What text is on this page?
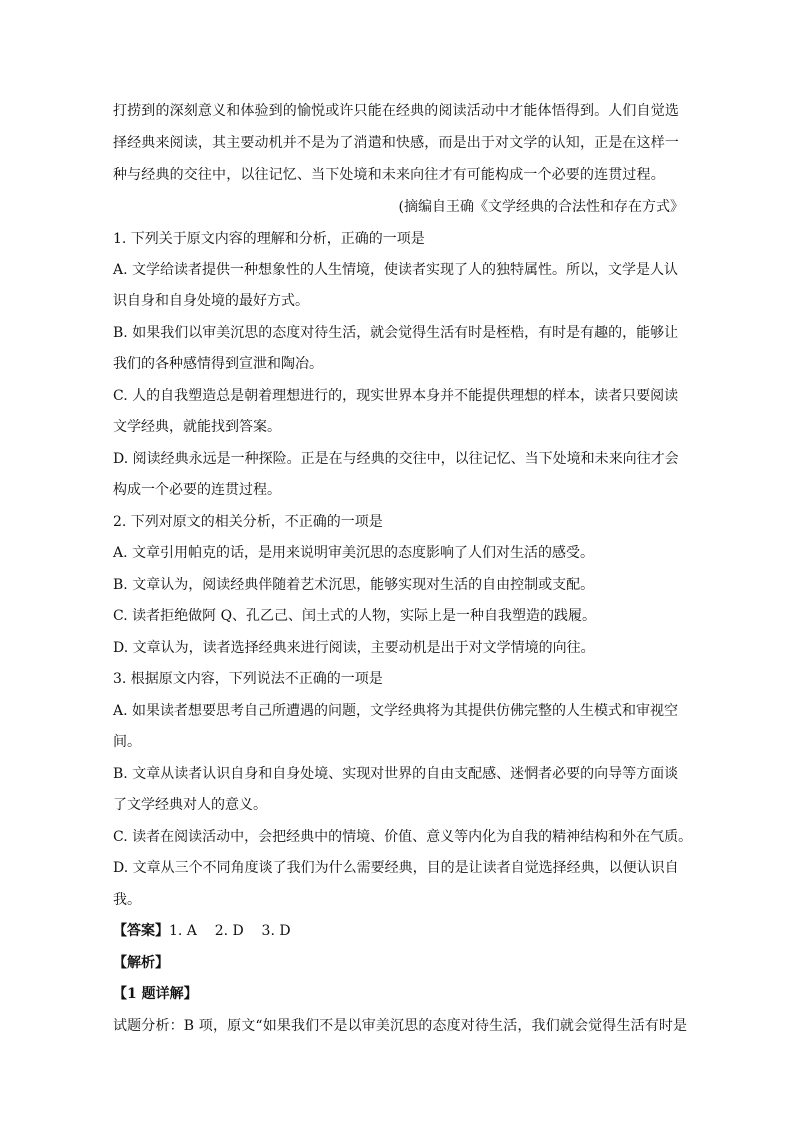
打捞到的深刻意义和体验到的愉悦或许只能在经典的阅读活动中才能体悟得到。人们自觉选
择经典来阅读，其主要动机并不是为了消遣和快感，而是出于对文学的认知，正是在这样一
种与经典的交往中，以往记忆、当下处境和未来向往才有可能构成一个必要的连贯过程。
(摘编自王确《文学经典的合法性和存在方式》
1. 下列关于原文内容的理解和分析，正确的一项是
A. 文学给读者提供一种想象性的人生情境，使读者实现了人的独特属性。所以，文学是人认
识自身和自身处境的最好方式。
B. 如果我们以审美沉思的态度对待生活，就会觉得生活有时是桎梏，有时是有趣的，能够让
我们的各种感情得到宣泄和陶冶。
C. 人的自我塑造总是朝着理想进行的，现实世界本身并不能提供理想的样本，读者只要阅读
文学经典，就能找到答案。
D. 阅读经典永远是一种探险。正是在与经典的交往中，以往记忆、当下处境和未来向往才会
构成一个必要的连贯过程。
2. 下列对原文的相关分析，不正确的一项是
A. 文章引用帕克的话，是用来说明审美沉思的态度影响了人们对生活的感受。
B. 文章认为，阅读经典伴随着艺术沉思，能够实现对生活的自由控制或支配。
C. 读者拒绝做阿 Q、孔乙己、闰土式的人物，实际上是一种自我塑造的践履。
D. 文章认为，读者选择经典来进行阅读，主要动机是出于对文学情境的向往。
3. 根据原文内容，下列说法不正确的一项是
A. 如果读者想要思考自己所遭遇的问题，文学经典将为其提供仿佛完整的人生模式和审视空
间。
B. 文章从读者认识自身和自身处境、实现对世界的自由支配感、迷惘者必要的向导等方面谈
了文学经典对人的意义。
C. 读者在阅读活动中，会把经典中的情境、价值、意义等内化为自我的精神结构和外在气质。
D. 文章从三个不同角度谈了我们为什么需要经典，目的是让读者自觉选择经典，以便认识自
我。
【答案】1. A    2. D    3. D
【解析】
【1 题详解】
试题分析：B 项，原文“如果我们不是以审美沉思的态度对待生活，我们就会觉得生活有时是
